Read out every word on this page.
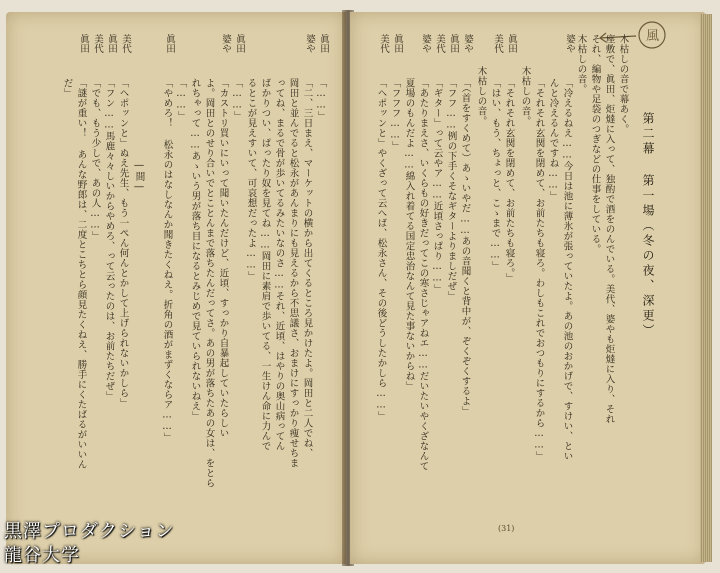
風
第二幕 第一場（冬の夜、深更）
木枯しの音で幕あく。
座敷で、眞田、炬燵に入って、独酌で酒をのんでいる。美代、婆やも炬燵に入り、それ
それ、編物や足袋のつぎなどの仕事をしている。
木枯しの音。
婆や
「冷えるねえ……今日は池に薄氷が張っていたよ。あの池のおかげで、すけい、とい
んと冷えるんですね……」
「それそれ玄関を閉めて、お前たちも寝ろ。わしもこれでおつもりにするから……」
木枯しの音。
眞田
「それそれ玄関を閉めて、お前たちも寝ろ。」
美代
「はい、もう、ちょっと、こゝまで……」
木枯しの音。
婆や
「（首をすくめて）あゝいやだ……あの音聞くと背中が、ぞくぞくするよ」
眞田
「フフ……例の下手くそなギターよりましだぜ」
美代
「ギター」って云やア……近頃さっぱり……」
婆や
「あたりまえさ、いくらもの好きだってこの寒さじゃアねエ……だいたいやくざなんて
夏場のもんだよ……綿入れ着てる国定忠治なんて見た事ないからね」
眞田
「フフフ……」
美代
「ヘポッンと」やくざって云へば、松永さん、その後どうしたかしら……」
(31)
眞田
「……」
婆や
「二、三日まえ、マーケットの横から出てくるところ見かけたよ。岡田と二人でね、
岡田と並んでると松永があんまりにも見えるから不思議さ、おまけにすっかり痩せちま
ってね、まるで骨が歩いてるみたいなのさ……それ、近頃、はやりの奥山病ってん
ばかりつい、ぱったり奴を見てね……岡田に素肩で歩いてる、一生けん命に力んで
るとこが見えすいて、可哀想だったよ……」
眞田
「……」
婆や
「カストリ買いにいって聞いたんだけど、近頃、すっかり自暴起していたらしい
よ。岡田とのせり合いでとことんまで落ちたんだってさ。あの男が落ちたあの女は、をとら
れちゃって……あゝいう男が落ち目になるとみじめで見ていられないねえ」
「……」
眞田
「やめろ！ 松永のはなしなんか聞きたくねえ。折角の酒がまずくならア……」
―間―
美代
「ヘポッンと」ぬえ先生、もう一ぺん何んとかして上げられないかしら」
眞田
「フン……馬鹿々々しいからやめろ、って云ったのは、お前たちだぜ」
美代
「でも、もう少しで、あの人……」
眞田
「謎が重い！ あんな野郎は、二度とこちとら顔見たくねえ、勝手にくたばるがいいん
だ」
黒澤プロダクション
龍谷大学
